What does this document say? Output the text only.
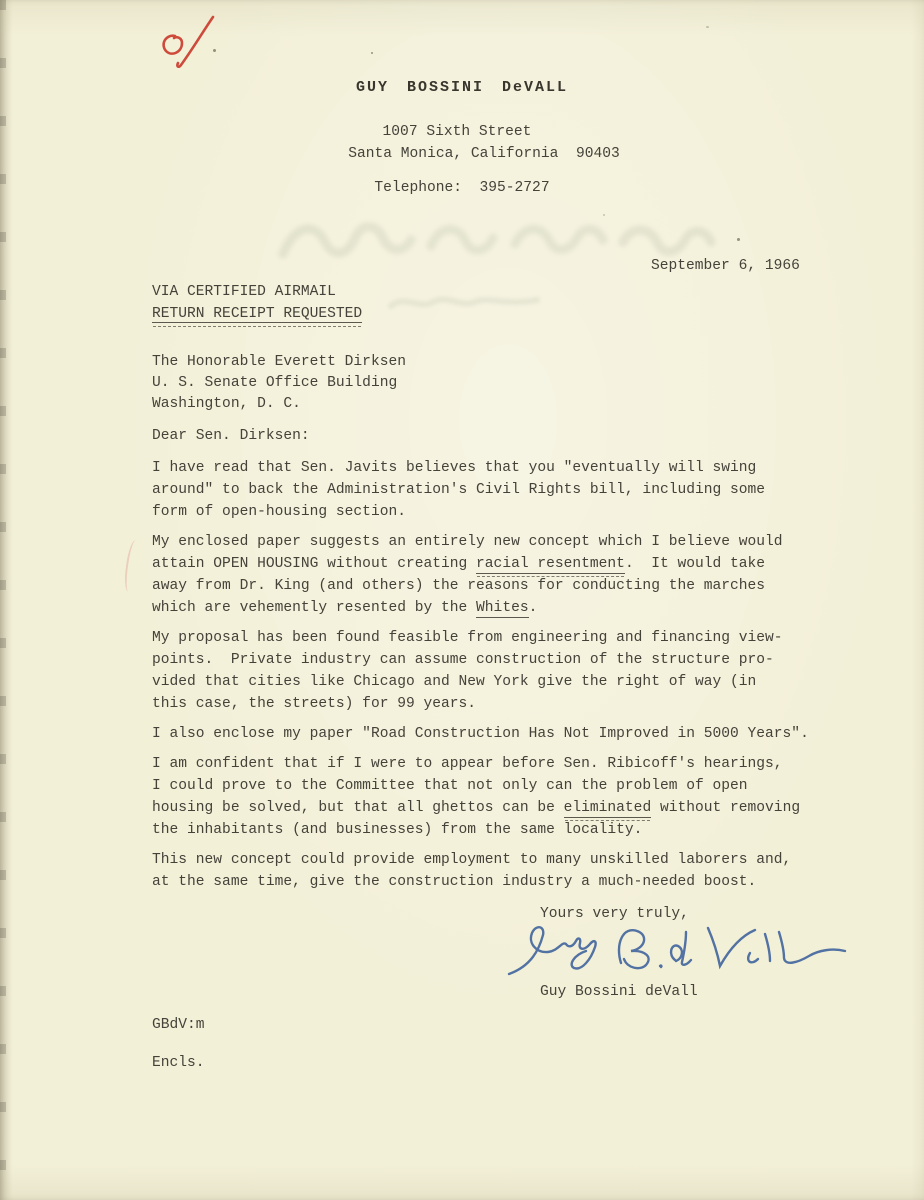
GUY BOSSINI DeVALL
1007 Sixth Street
Santa Monica, California  90403
Telephone:  395-2727
September 6, 1966
VIA CERTIFIED AIRMAIL
RETURN RECEIPT REQUESTED
The Honorable Everett Dirksen
U. S. Senate Office Building
Washington, D. C.
Dear Sen. Dirksen:
I have read that Sen. Javits believes that you "eventually will swing
around" to back the Administration's Civil Rights bill, including some
form of open-housing section.
My enclosed paper suggests an entirely new concept which I believe would
attain OPEN HOUSING without creating racial resentment.  It would take
away from Dr. King (and others) the reasons for conducting the marches
which are vehemently resented by the Whites.
My proposal has been found feasible from engineering and financing view-
points.  Private industry can assume construction of the structure pro-
vided that cities like Chicago and New York give the right of way (in
this case, the streets) for 99 years.
I also enclose my paper "Road Construction Has Not Improved in 5000 Years".
I am confident that if I were to appear before Sen. Ribicoff's hearings,
I could prove to the Committee that not only can the problem of open
housing be solved, but that all ghettos can be eliminated without removing
the inhabitants (and businesses) from the same locality.
This new concept could provide employment to many unskilled laborers and,
at the same time, give the construction industry a much-needed boost.
Yours very truly,
Guy Bossini deVall
GBdV:m
Encls.
